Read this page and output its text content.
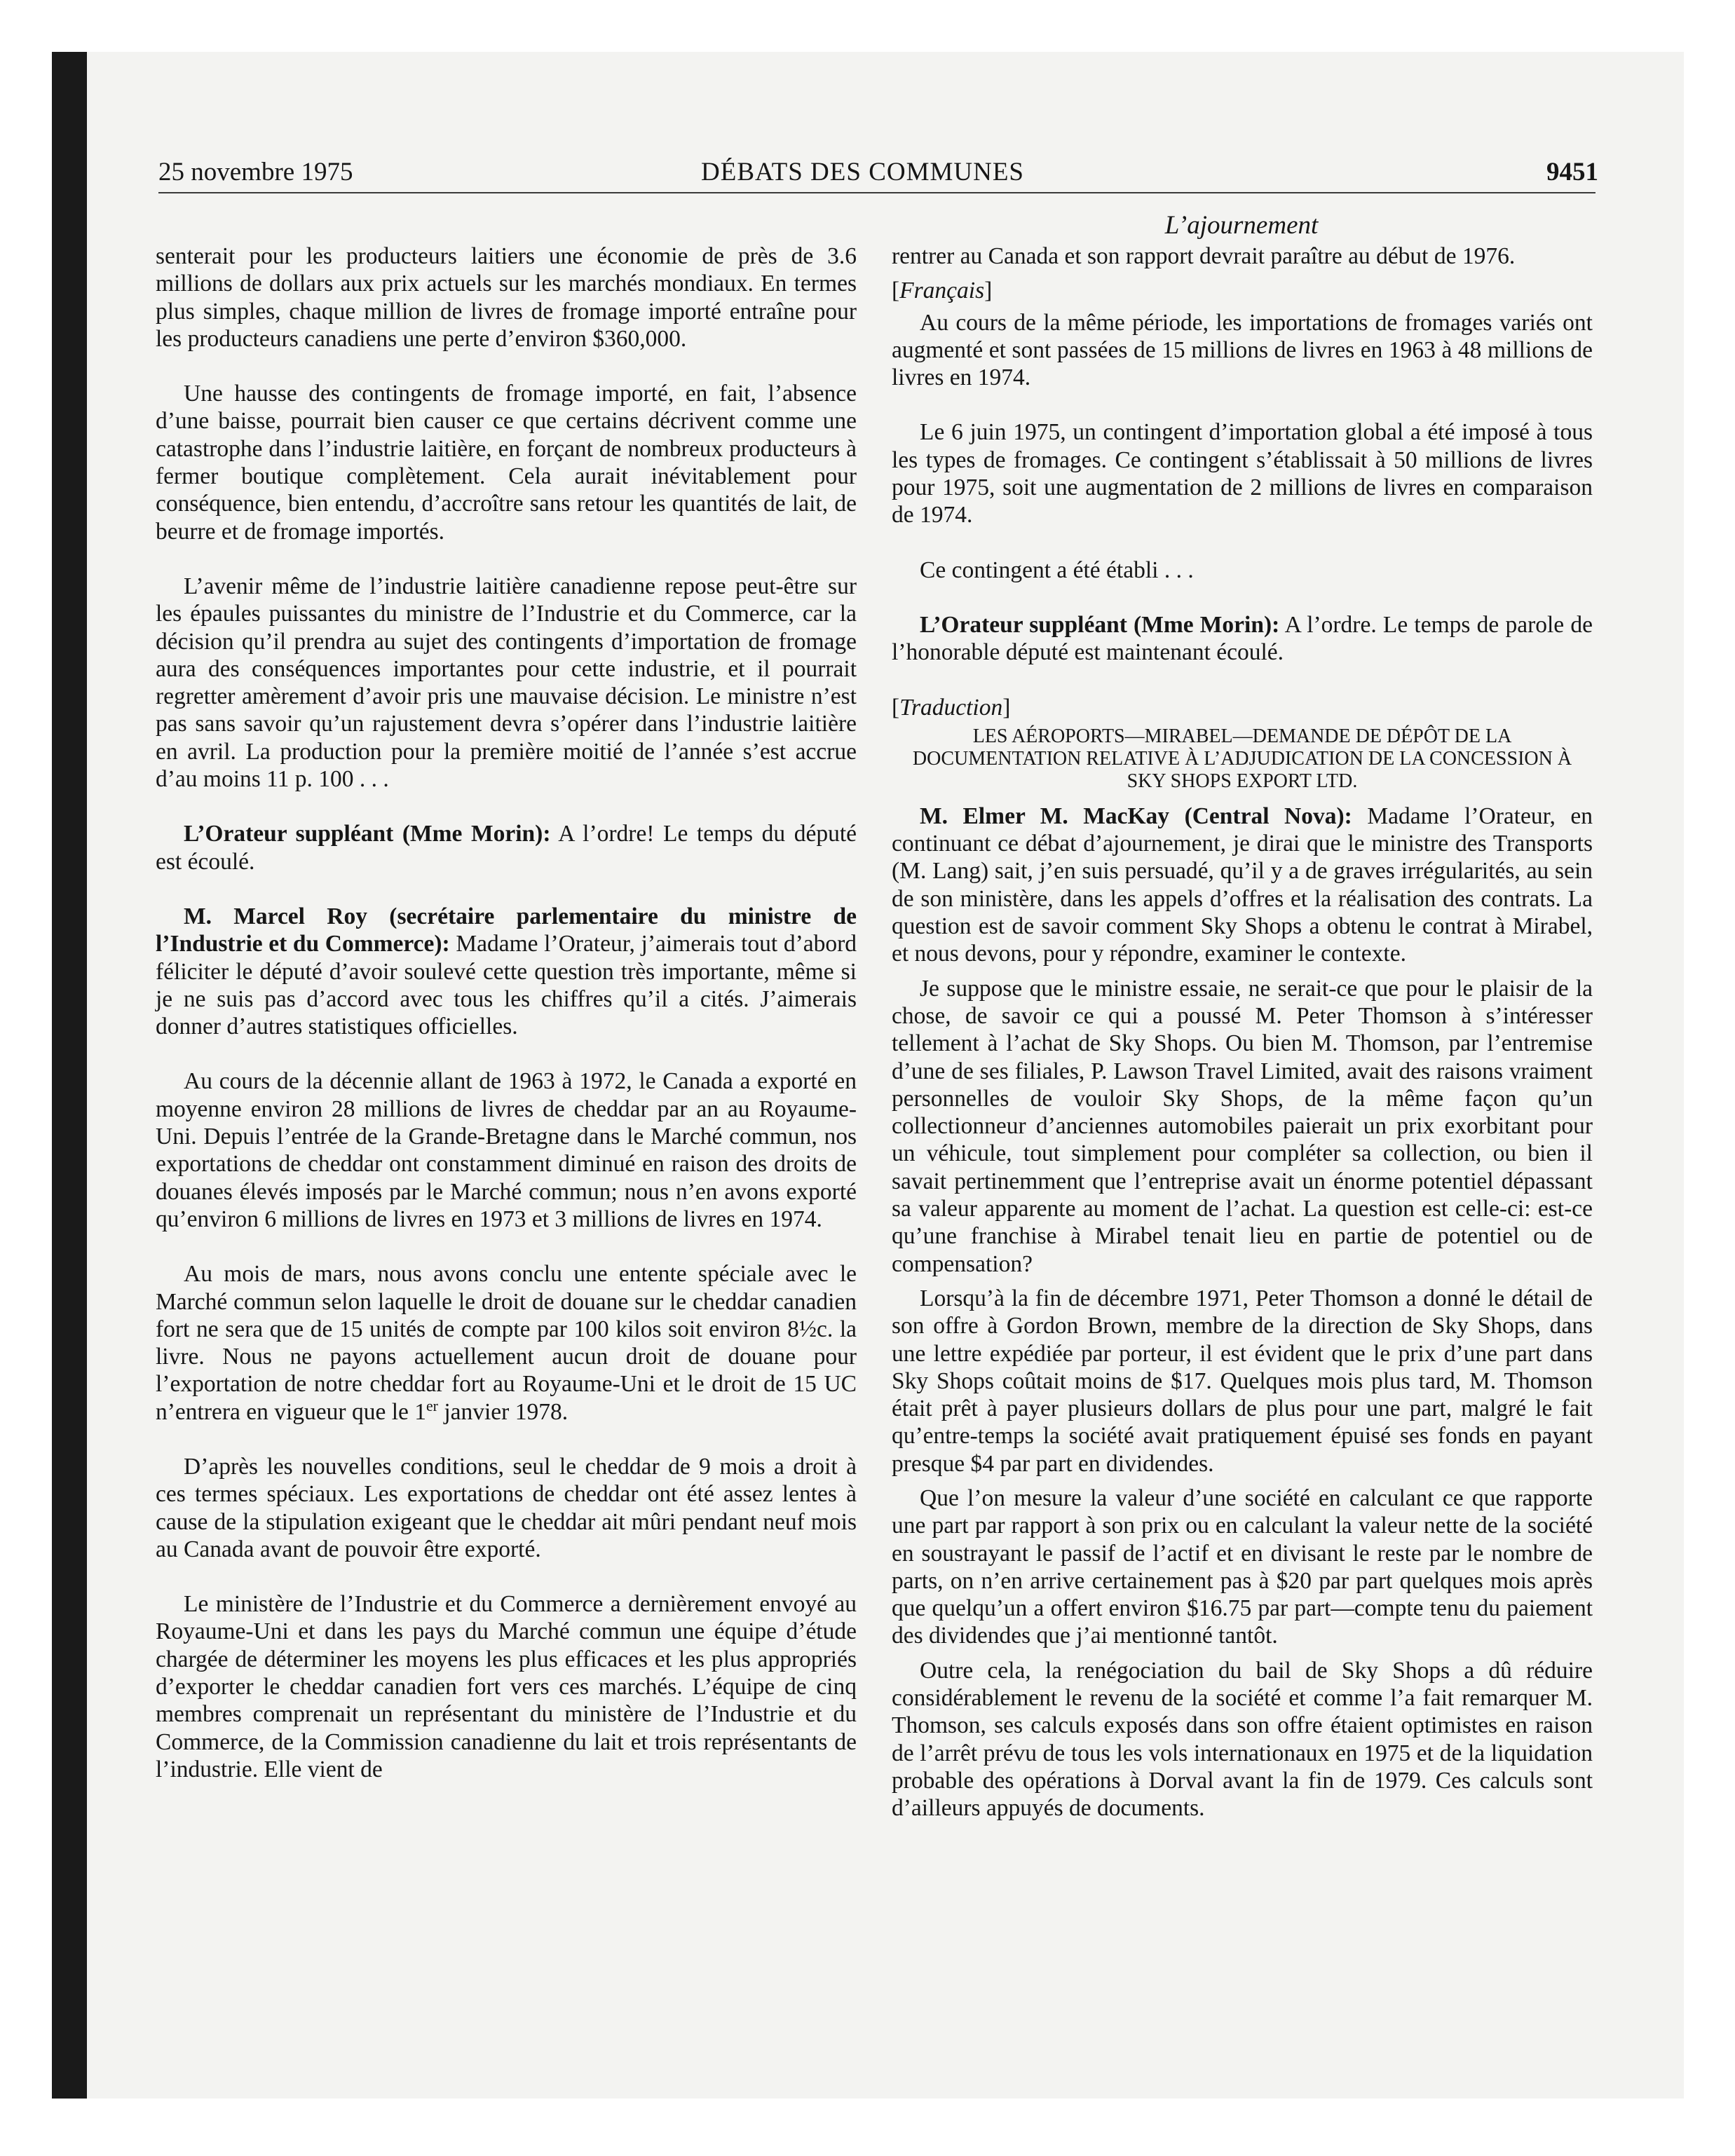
25 novembre 1975	DÉBATS DES COMMUNES	9451
L’ajournement

senterait pour les producteurs laitiers une économie de près de 3.6 millions de dollars aux prix actuels sur les marchés mondiaux. En termes plus simples, chaque million de livres de fromage importé entraîne pour les producteurs canadiens une perte d’environ $360,000.

Une hausse des contingents de fromage importé, en fait, l’absence d’une baisse, pourrait bien causer ce que certains décrivent comme une catastrophe dans l’industrie laitière, en forçant de nombreux producteurs à fermer boutique complètement. Cela aurait inévitablement pour conséquence, bien entendu, d’accroître sans retour les quantités de lait, de beurre et de fromage importés.

L’avenir même de l’industrie laitière canadienne repose peut-être sur les épaules puissantes du ministre de l’Industrie et du Commerce, car la décision qu’il prendra au sujet des contingents d’importation de fromage aura des conséquences importantes pour cette industrie, et il pourrait regretter amèrement d’avoir pris une mauvaise décision. Le ministre n’est pas sans savoir qu’un rajustement devra s’opérer dans l’industrie laitière en avril. La production pour la première moitié de l’année s’est accrue d’au moins 11 p. 100 . . .

L’Orateur suppléant (Mme Morin): A l’ordre! Le temps du député est écoulé.

M. Marcel Roy (secrétaire parlementaire du ministre de l’Industrie et du Commerce): Madame l’Orateur, j’aimerais tout d’abord féliciter le député d’avoir soulevé cette question très importante, même si je ne suis pas d’accord avec tous les chiffres qu’il a cités. J’aimerais donner d’autres statistiques officielles.

Au cours de la décennie allant de 1963 à 1972, le Canada a exporté en moyenne environ 28 millions de livres de cheddar par an au Royaume-Uni. Depuis l’entrée de la Grande-Bretagne dans le Marché commun, nos exportations de cheddar ont constamment diminué en raison des droits de douanes élevés imposés par le Marché commun; nous n’en avons exporté qu’environ 6 millions de livres en 1973 et 3 millions de livres en 1974.

Au mois de mars, nous avons conclu une entente spéciale avec le Marché commun selon laquelle le droit de douane sur le cheddar canadien fort ne sera que de 15 unités de compte par 100 kilos soit environ 8½c. la livre. Nous ne payons actuellement aucun droit de douane pour l’exportation de notre cheddar fort au Royaume-Uni et le droit de 15 UC n’entrera en vigueur que le 1er janvier 1978.

D’après les nouvelles conditions, seul le cheddar de 9 mois a droit à ces termes spéciaux. Les exportations de cheddar ont été assez lentes à cause de la stipulation exigeant que le cheddar ait mûri pendant neuf mois au Canada avant de pouvoir être exporté.

Le ministère de l’Industrie et du Commerce a dernièrement envoyé au Royaume-Uni et dans les pays du Marché commun une équipe d’étude chargée de déterminer les moyens les plus efficaces et les plus appropriés d’exporter le cheddar canadien fort vers ces marchés. L’équipe de cinq membres comprenait un représentant du ministère de l’Industrie et du Commerce, de la Commission canadienne du lait et trois représentants de l’industrie. Elle vient de

rentrer au Canada et son rapport devrait paraître au début de 1976.

[Français]

Au cours de la même période, les importations de fromages variés ont augmenté et sont passées de 15 millions de livres en 1963 à 48 millions de livres en 1974.

Le 6 juin 1975, un contingent d’importation global a été imposé à tous les types de fromages. Ce contingent s’établissait à 50 millions de livres pour 1975, soit une augmentation de 2 millions de livres en comparaison de 1974.

Ce contingent a été établi . . .

L’Orateur suppléant (Mme Morin): A l’ordre. Le temps de parole de l’honorable député est maintenant écoulé.

[Traduction]

LES AÉROPORTS—MIRABEL—DEMANDE DE DÉPÔT DE LA DOCUMENTATION RELATIVE À L’ADJUDICATION DE LA CONCESSION À SKY SHOPS EXPORT LTD.

M. Elmer M. MacKay (Central Nova): Madame l’Orateur, en continuant ce débat d’ajournement, je dirai que le ministre des Transports (M. Lang) sait, j’en suis persuadé, qu’il y a de graves irrégularités, au sein de son ministère, dans les appels d’offres et la réalisation des contrats. La question est de savoir comment Sky Shops a obtenu le contrat à Mirabel, et nous devons, pour y répondre, examiner le contexte.

Je suppose que le ministre essaie, ne serait-ce que pour le plaisir de la chose, de savoir ce qui a poussé M. Peter Thomson à s’intéresser tellement à l’achat de Sky Shops. Ou bien M. Thomson, par l’entremise d’une de ses filiales, P. Lawson Travel Limited, avait des raisons vraiment personnelles de vouloir Sky Shops, de la même façon qu’un collectionneur d’anciennes automobiles paierait un prix exorbitant pour un véhicule, tout simplement pour compléter sa collection, ou bien il savait pertinemment que l’entreprise avait un énorme potentiel dépassant sa valeur apparente au moment de l’achat. La question est celle-ci: est-ce qu’une franchise à Mirabel tenait lieu en partie de potentiel ou de compensation?

Lorsqu’à la fin de décembre 1971, Peter Thomson a donné le détail de son offre à Gordon Brown, membre de la direction de Sky Shops, dans une lettre expédiée par porteur, il est évident que le prix d’une part dans Sky Shops coûtait moins de $17. Quelques mois plus tard, M. Thomson était prêt à payer plusieurs dollars de plus pour une part, malgré le fait qu’entre-temps la société avait pratiquement épuisé ses fonds en payant presque $4 par part en dividendes.

Que l’on mesure la valeur d’une société en calculant ce que rapporte une part par rapport à son prix ou en calculant la valeur nette de la société en soustrayant le passif de l’actif et en divisant le reste par le nombre de parts, on n’en arrive certainement pas à $20 par part quelques mois après que quelqu’un a offert environ $16.75 par part—compte tenu du paiement des dividendes que j’ai mentionné tantôt.

Outre cela, la renégociation du bail de Sky Shops a dû réduire considérablement le revenu de la société et comme l’a fait remarquer M. Thomson, ses calculs exposés dans son offre étaient optimistes en raison de l’arrêt prévu de tous les vols internationaux en 1975 et de la liquidation probable des opérations à Dorval avant la fin de 1979. Ces calculs sont d’ailleurs appuyés de documents.
